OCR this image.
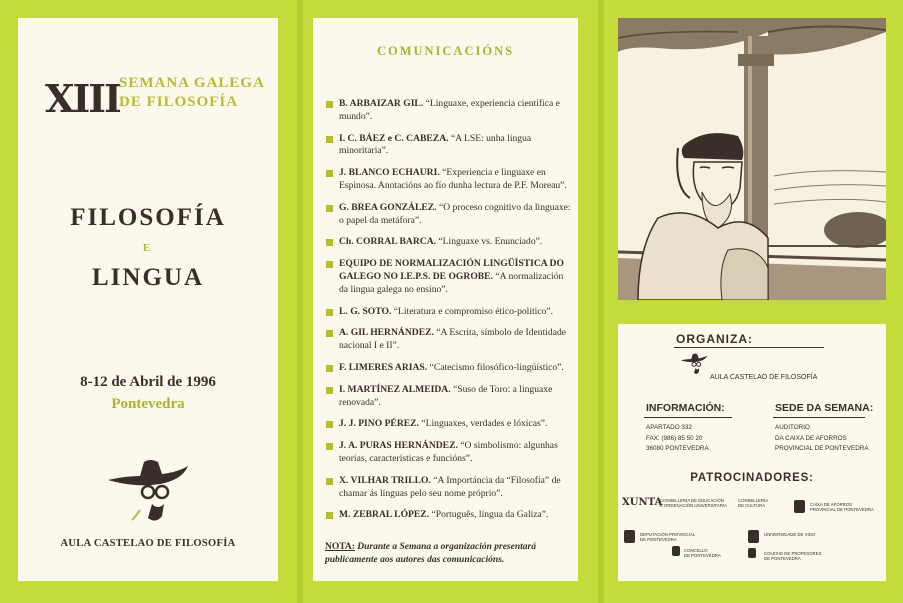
XIII SEMANA GALEGA
DE FILOSOFÍA
FILOSOFÍA
E
LINGUA
8-12 de Abril de 1996
Pontevedra
AULA CASTELAO DE FILOSOFÍA
COMUNICACIÓNS
B. ARBAIZAR GIL. “Linguaxe, experiencia científica e mundo”.
I. C. BÁEZ e C. CABEZA. “A LSE: unha lingua minoritaria”.
J. BLANCO ECHAURI. “Experiencia e linguaxe en Espinosa. Anotacións ao fío dunha lectura de P.F. Moreau”.
G. BREA GONZÁLEZ. “O proceso cognitivo da linguaxe: o papel da metáfora”.
Ch. CORRAL BARCA. “Linguaxe vs. Enunciado”.
EQUIPO DE NORMALIZACIÓN LINGÜÍSTICA DO GALEGO NO I.E.P.S. DE OGROBE. “A normalización da lingua galega no ensino”.
L. G. SOTO. “Literatura e compromiso ético-político”.
A. GIL HERNÁNDEZ. “A Escrita, símbolo de Identidade nacional I e II”.
F. LIMERES ARIAS. “Catecismo filosófico-lingüístico”.
I. MARTÍNEZ ALMEIDA. “Suso de Toro: a linguaxe renovada”.
J. J. PINO PÉREZ. “Linguaxes, verdades e lóxicas”.
J. A. PURAS HERNÁNDEZ. “O simbolismo: algunhas teorías, características e funcións”.
X. VILHAR TRILLO. “A Importáncia da “Filosofia” de chamar ás línguas pelo seu nome próprio”.
M. ZEBRAL LÓPEZ. “Português, língua da Galiza”.
NOTA: Durante a Semana a organización presentará publicamente aos autores das comunicacións.
ORGANIZA:
AULA CASTELAO DE FILOSOFÍA
INFORMACIÓN:
APARTADO 332
FAX: (986) 85 50 20
36080 PONTEVEDRA
SEDE DA SEMANA:
AUDITORIO
DA CAIXA DE AFORROS
PROVINCIAL DE PONTEVEDRA
PATROCINADORES:
XUNTA
CONSELLERÍA DE EDUCACIÓN
E ORDENACIÓN UNIVERSITARIA
CONSELLERÍA
DE CULTURA	CAIXA DE AFORROS
PROVINCIAL DE PONTEVEDRA
DEPUTACIÓN PROVINCIAL
DE PONTEVEDRA
CONCELLO
DE PONTEVEDRA
UNIVERSIDADE DE VIGO
COLEXIO DE PROFESORES
DE PONTEVEDRA
